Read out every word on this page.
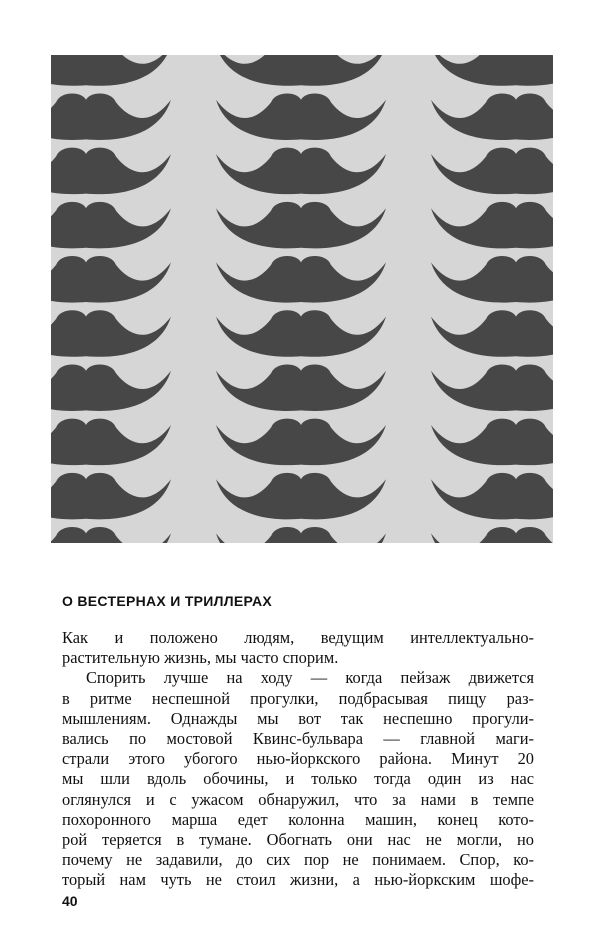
О ВЕСТЕРНАХ И ТРИЛЛЕРАХ

Как и положено людям, ведущим интеллектуально-
растительную жизнь, мы часто спорим.

Спорить лучше на ходу — когда пейзаж движется
в ритме неспешной прогулки, подбрасывая пищу раз-
мышлениям. Однажды мы вот так неспешно прогули-
вались по мостовой Квинс-бульвара — главной маги-
страли этого убогого нью-йоркского района. Минут 20
мы шли вдоль обочины, и только тогда один из нас
оглянулся и с ужасом обнаружил, что за нами в темпе
похоронного марша едет колонна машин, конец кото-
рой теряется в тумане. Обогнать они нас не могли, но
почему не задавили, до сих пор не понимаем. Спор, ко-
торый нам чуть не стоил жизни, а нью-йоркским шофе-

40
